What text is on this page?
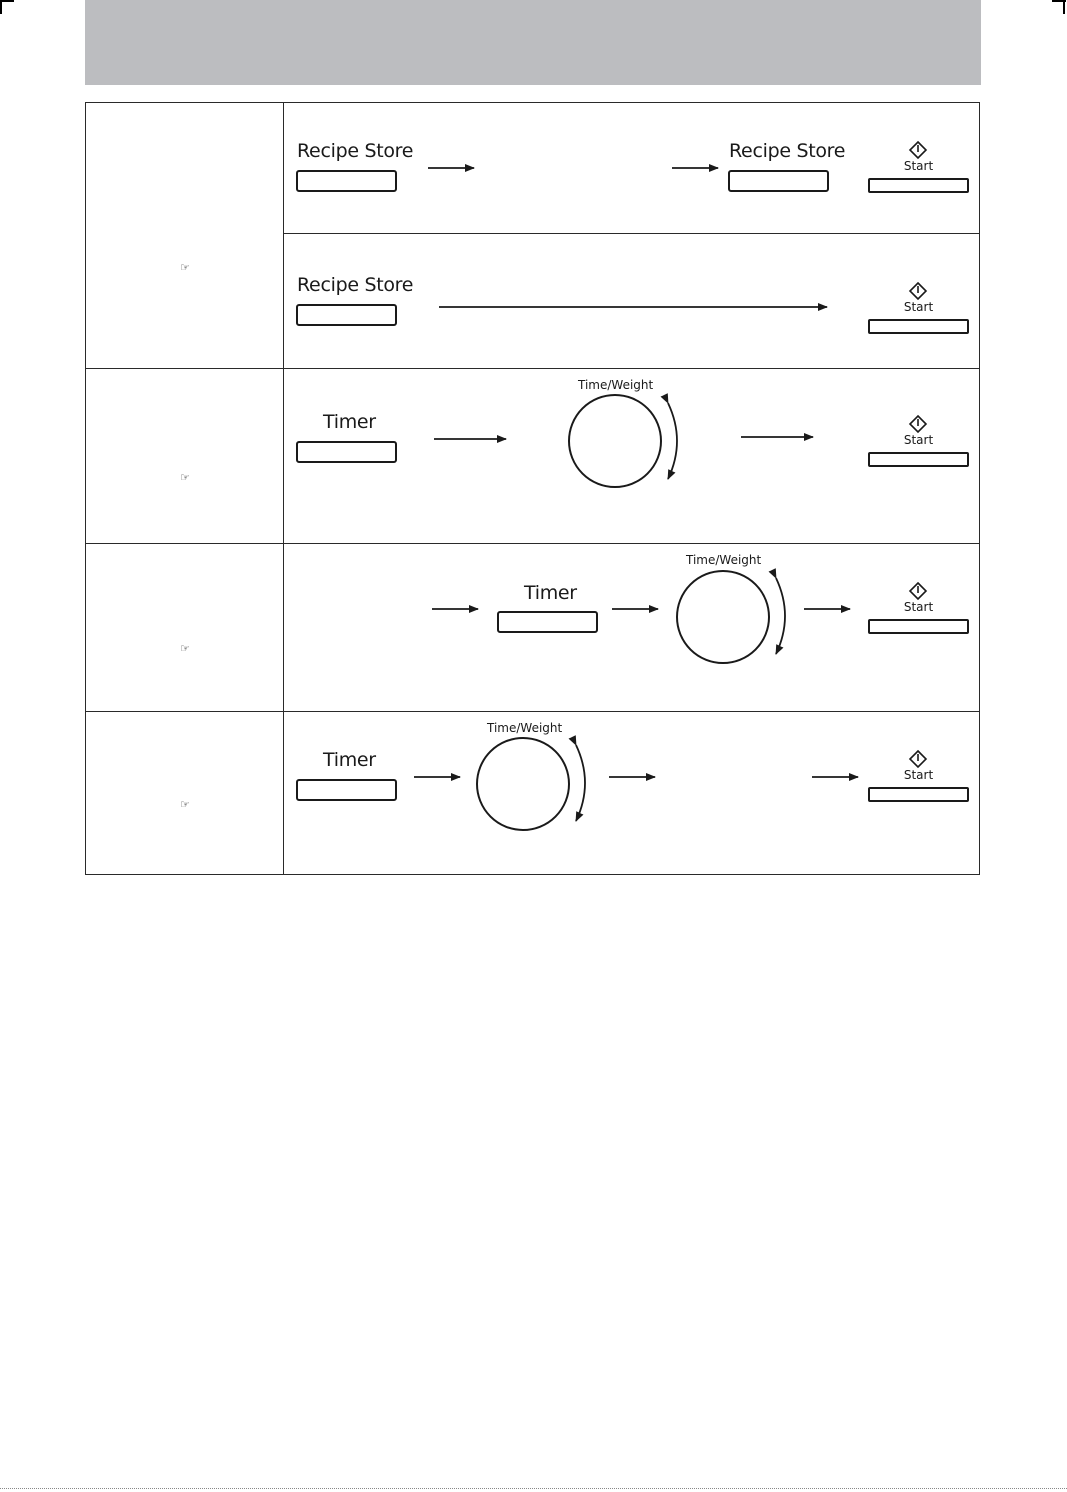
☞
☞
☞
☞
Recipe Store	Recipe Store
Start
Recipe Store
Start
Timer
Time/Weight
Start
Timer
Time/Weight
Start
Timer
Time/Weight
Start
